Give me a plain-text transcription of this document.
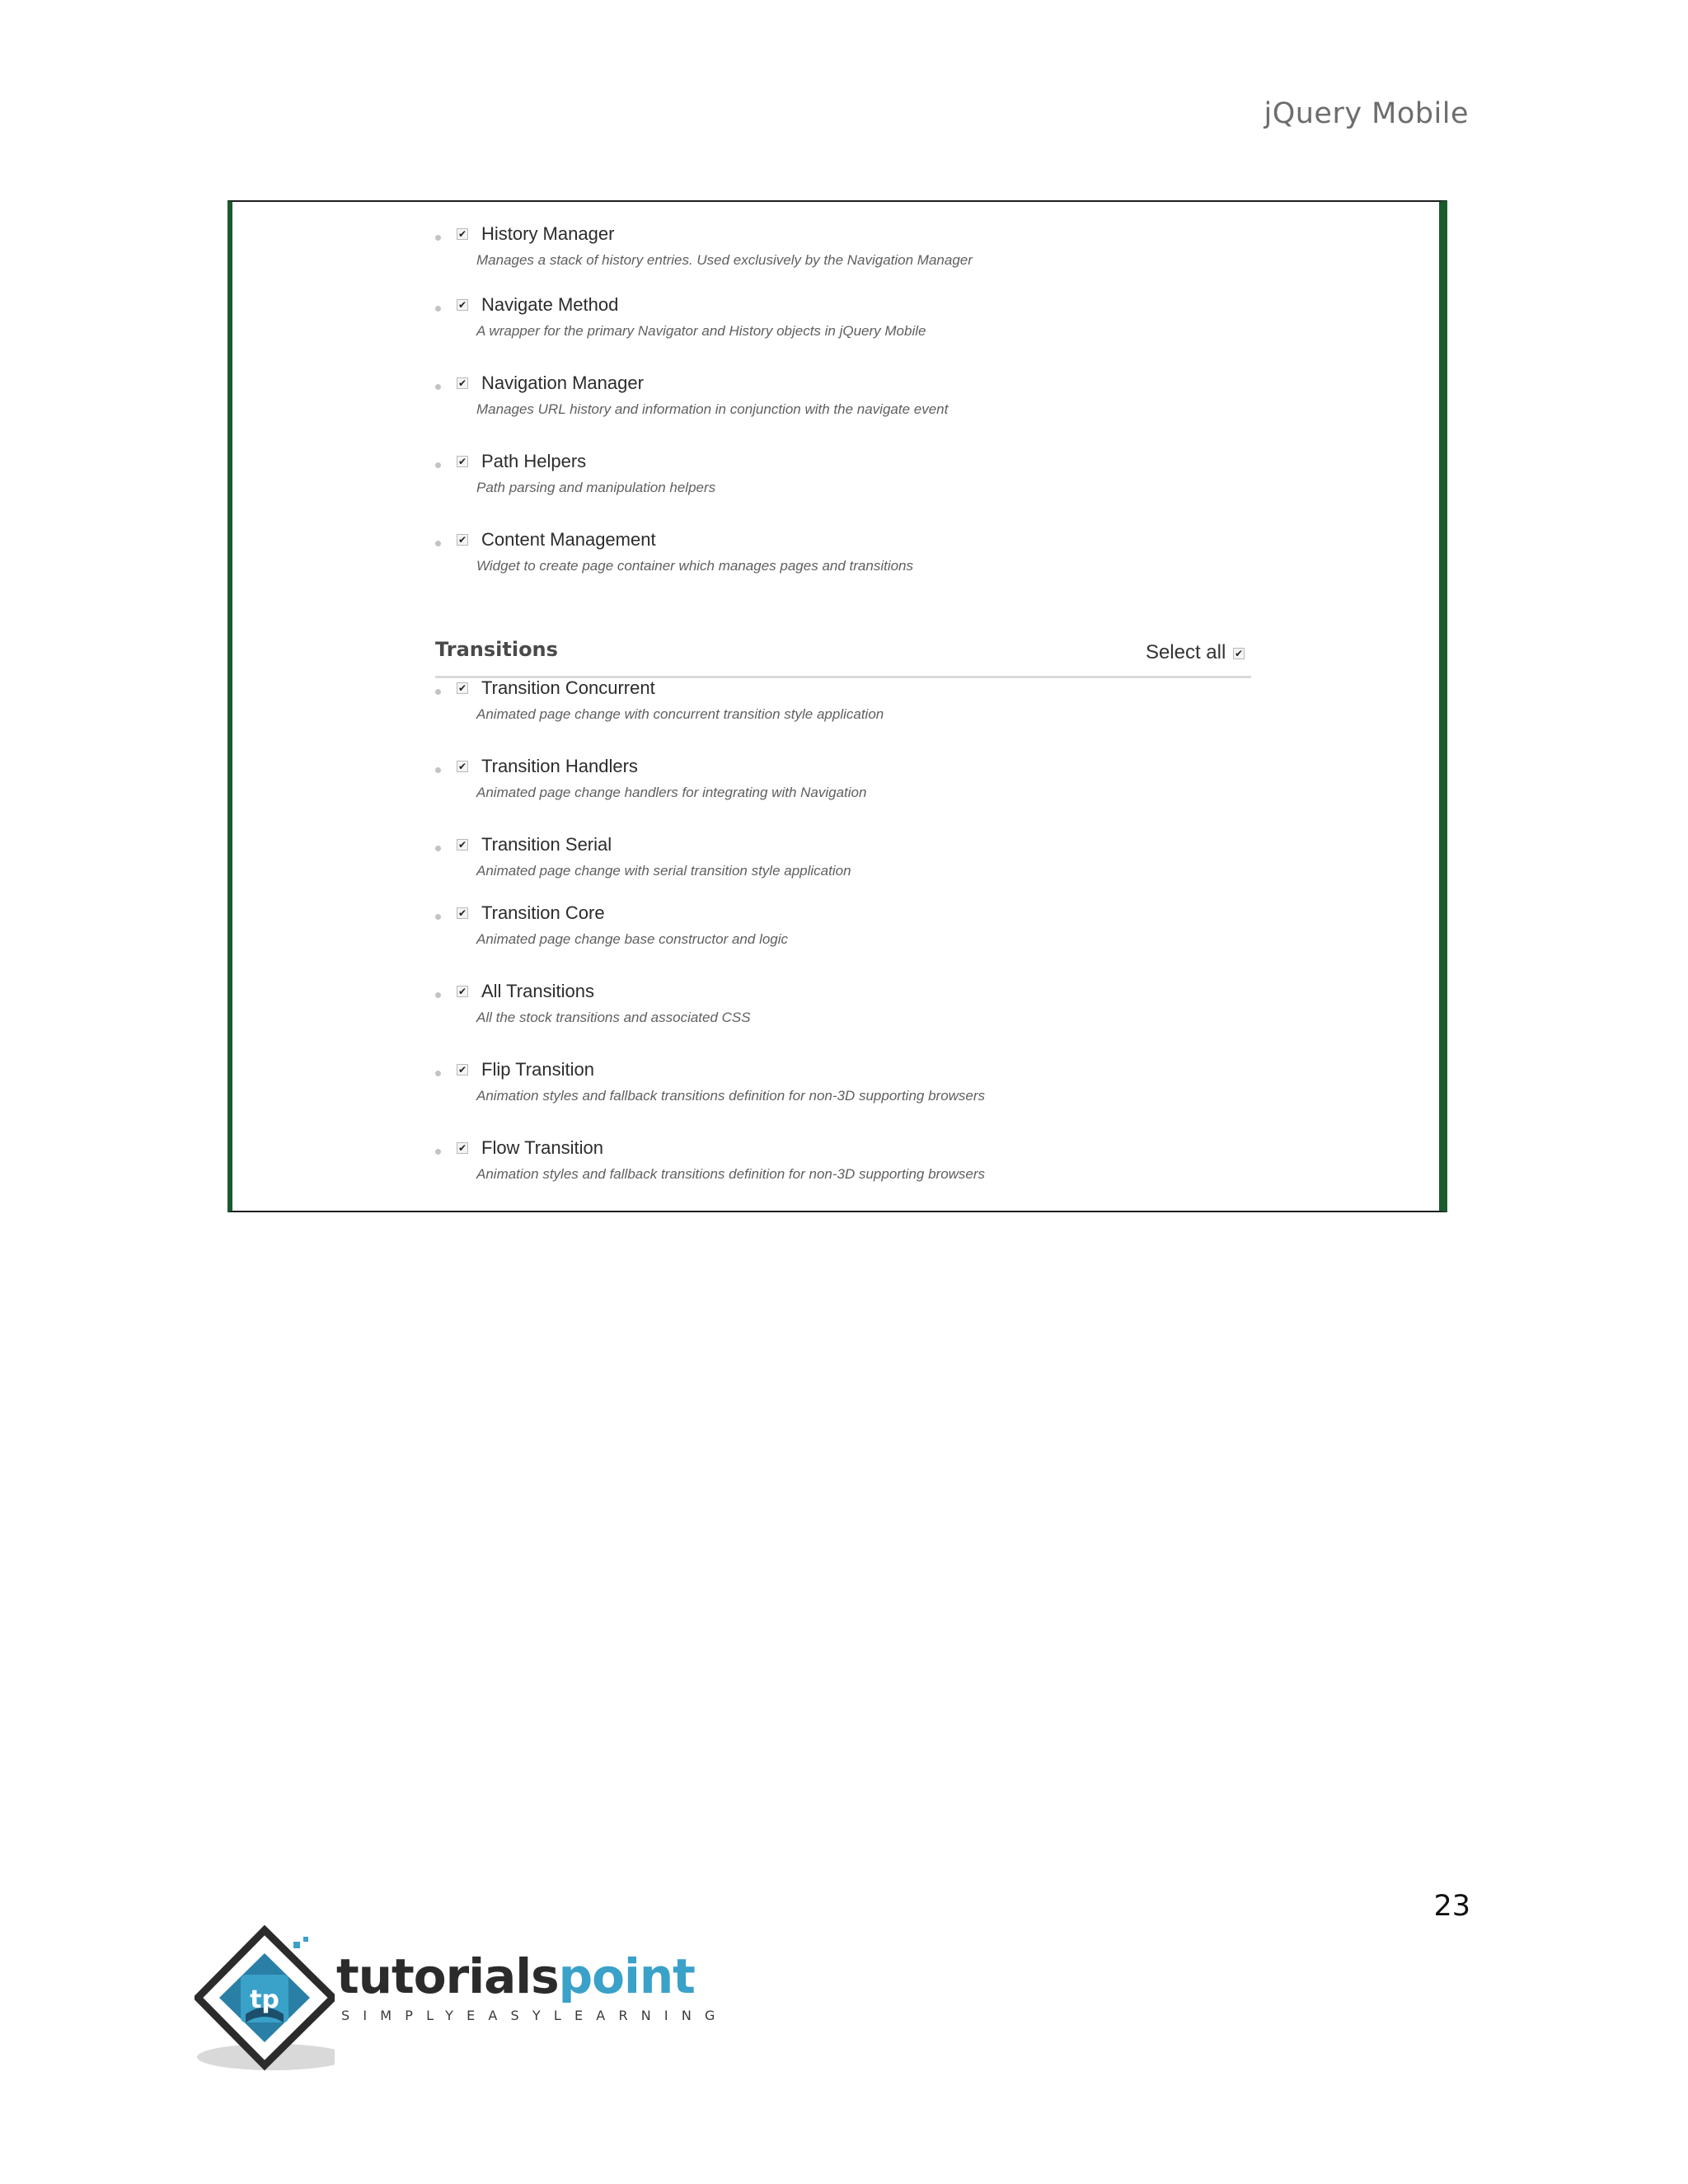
jQuery Mobile
✔ History Manager
Manages a stack of history entries. Used exclusively by the Navigation Manager
✔ Navigate Method
A wrapper for the primary Navigator and History objects in jQuery Mobile
✔ Navigation Manager
Manages URL history and information in conjunction with the navigate event
✔ Path Helpers
Path parsing and manipulation helpers
✔ Content Management
Widget to create page container which manages pages and transitions
Transitions	Select all ✔
✔ Transition Concurrent
Animated page change with concurrent transition style application
✔ Transition Handlers
Animated page change handlers for integrating with Navigation
✔ Transition Serial
Animated page change with serial transition style application
✔ Transition Core
Animated page change base constructor and logic
✔ All Transitions
All the stock transitions and associated CSS
✔ Flip Transition
Animation styles and fallback transitions definition for non-3D supporting browsers
✔ Flow Transition
Animation styles and fallback transitions definition for non-3D supporting browsers
23
tp tutorialspoint
SIMPLYEASYLEARNING
